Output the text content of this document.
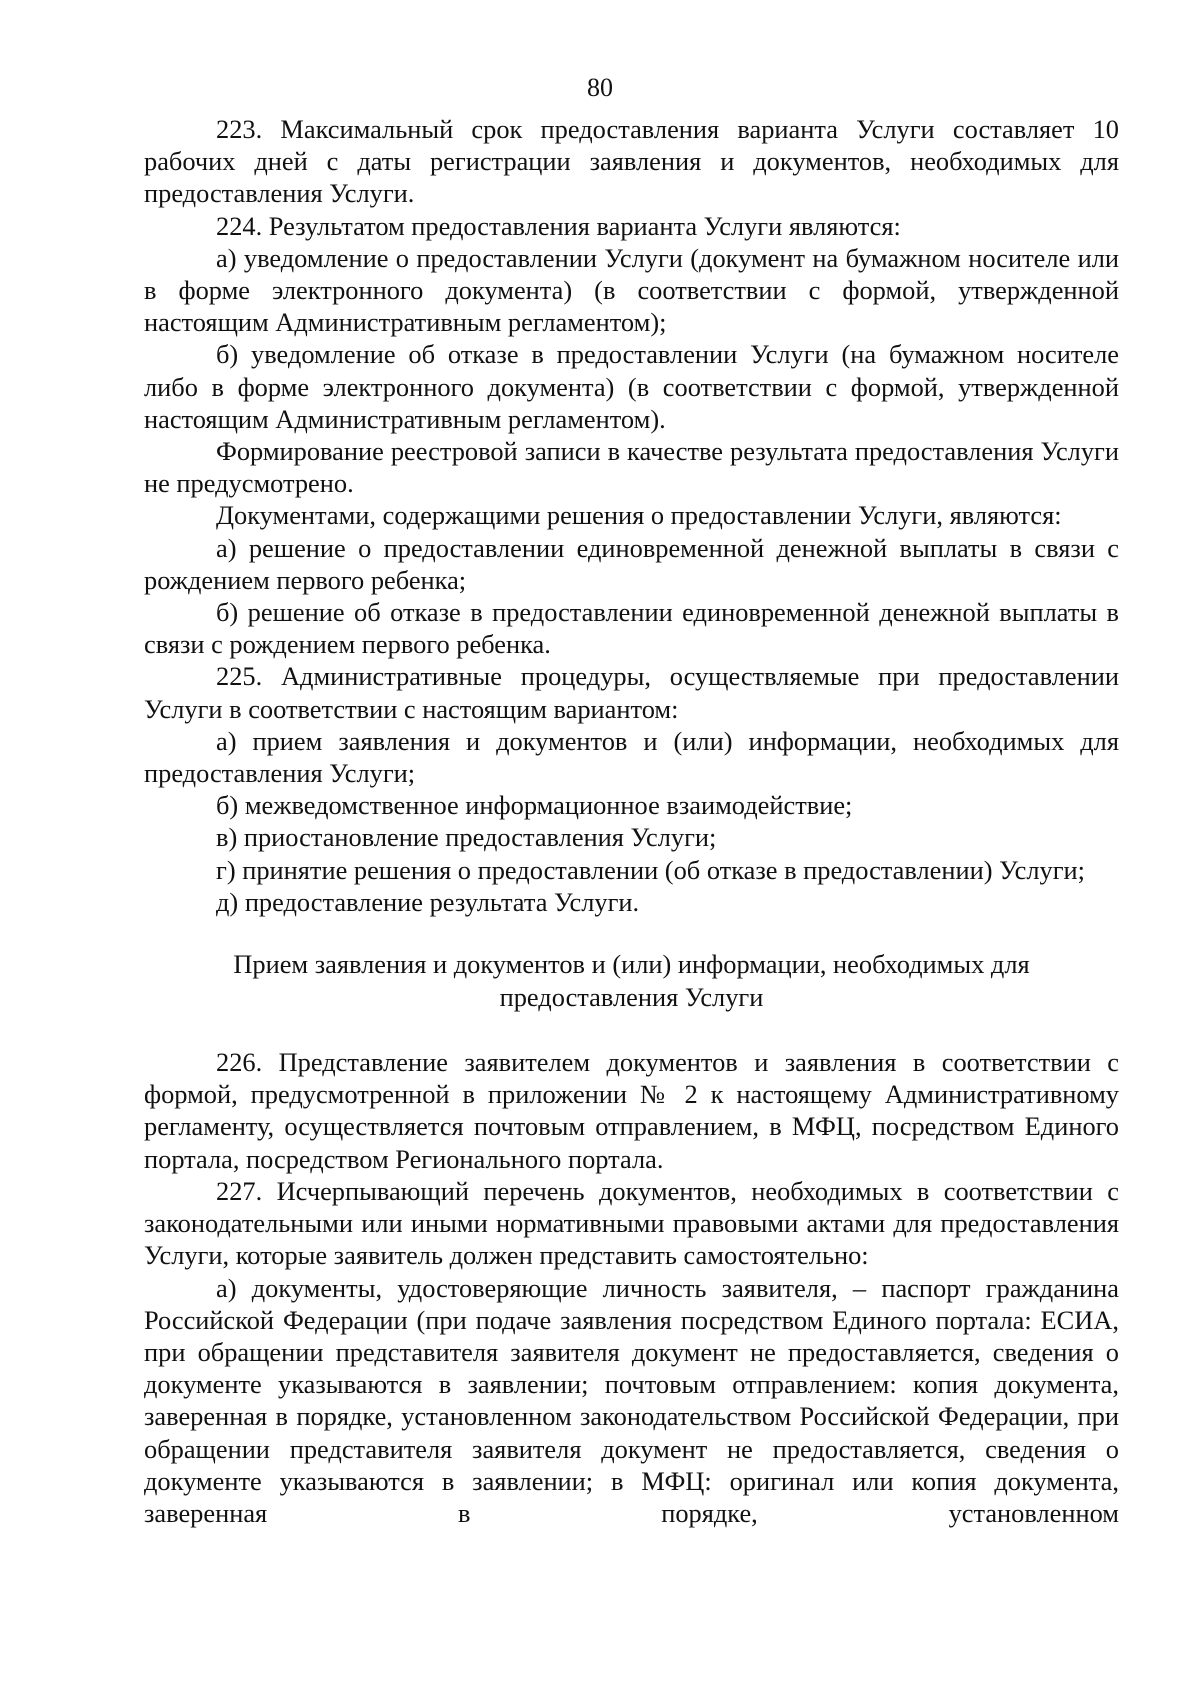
80

223. Максимальный срок предоставления варианта Услуги составляет 10 рабочих дней с даты регистрации заявления и документов, необходимых для предоставления Услуги.

224. Результатом предоставления варианта Услуги являются:

а) уведомление о предоставлении Услуги (документ на бумажном носителе или в форме электронного документа) (в соответствии с формой, утвержденной настоящим Административным регламентом);

б) уведомление об отказе в предоставлении Услуги (на бумажном носителе либо в форме электронного документа) (в соответствии с формой, утвержденной настоящим Административным регламентом).

Формирование реестровой записи в качестве результата предоставления Услуги не предусмотрено.

Документами, содержащими решения о предоставлении Услуги, являются:

а) решение о предоставлении единовременной денежной выплаты в связи с рождением первого ребенка;

б) решение об отказе в предоставлении единовременной денежной выплаты в связи с рождением первого ребенка.

225. Административные процедуры, осуществляемые при предоставлении Услуги в соответствии с настоящим вариантом:

а) прием заявления и документов и (или) информации, необходимых для предоставления Услуги;

б) межведомственное информационное взаимодействие;

в) приостановление предоставления Услуги;

г) принятие решения о предоставлении (об отказе в предоставлении) Услуги;

д) предоставление результата Услуги.

Прием заявления и документов и (или) информации, необходимых для
предоставления Услуги

226. Представление заявителем документов и заявления в соответствии с формой, предусмотренной в приложении № 2 к настоящему Административному регламенту, осуществляется почтовым отправлением, в МФЦ, посредством Единого портала, посредством Регионального портала.

227. Исчерпывающий перечень документов, необходимых в соответствии с законодательными или иными нормативными правовыми актами для предоставления Услуги, которые заявитель должен представить самостоятельно:

а) документы, удостоверяющие личность заявителя, – паспорт гражданина Российской Федерации (при подаче заявления посредством Единого портала: ЕСИА, при обращении представителя заявителя документ не предоставляется, сведения о документе указываются в заявлении; почтовым отправлением: копия документа, заверенная в порядке, установленном законодательством Российской Федерации, при обращении представителя заявителя документ не предоставляется, сведения о документе указываются в заявлении; в МФЦ: оригинал или копия документа, заверенная в порядке, установленном
